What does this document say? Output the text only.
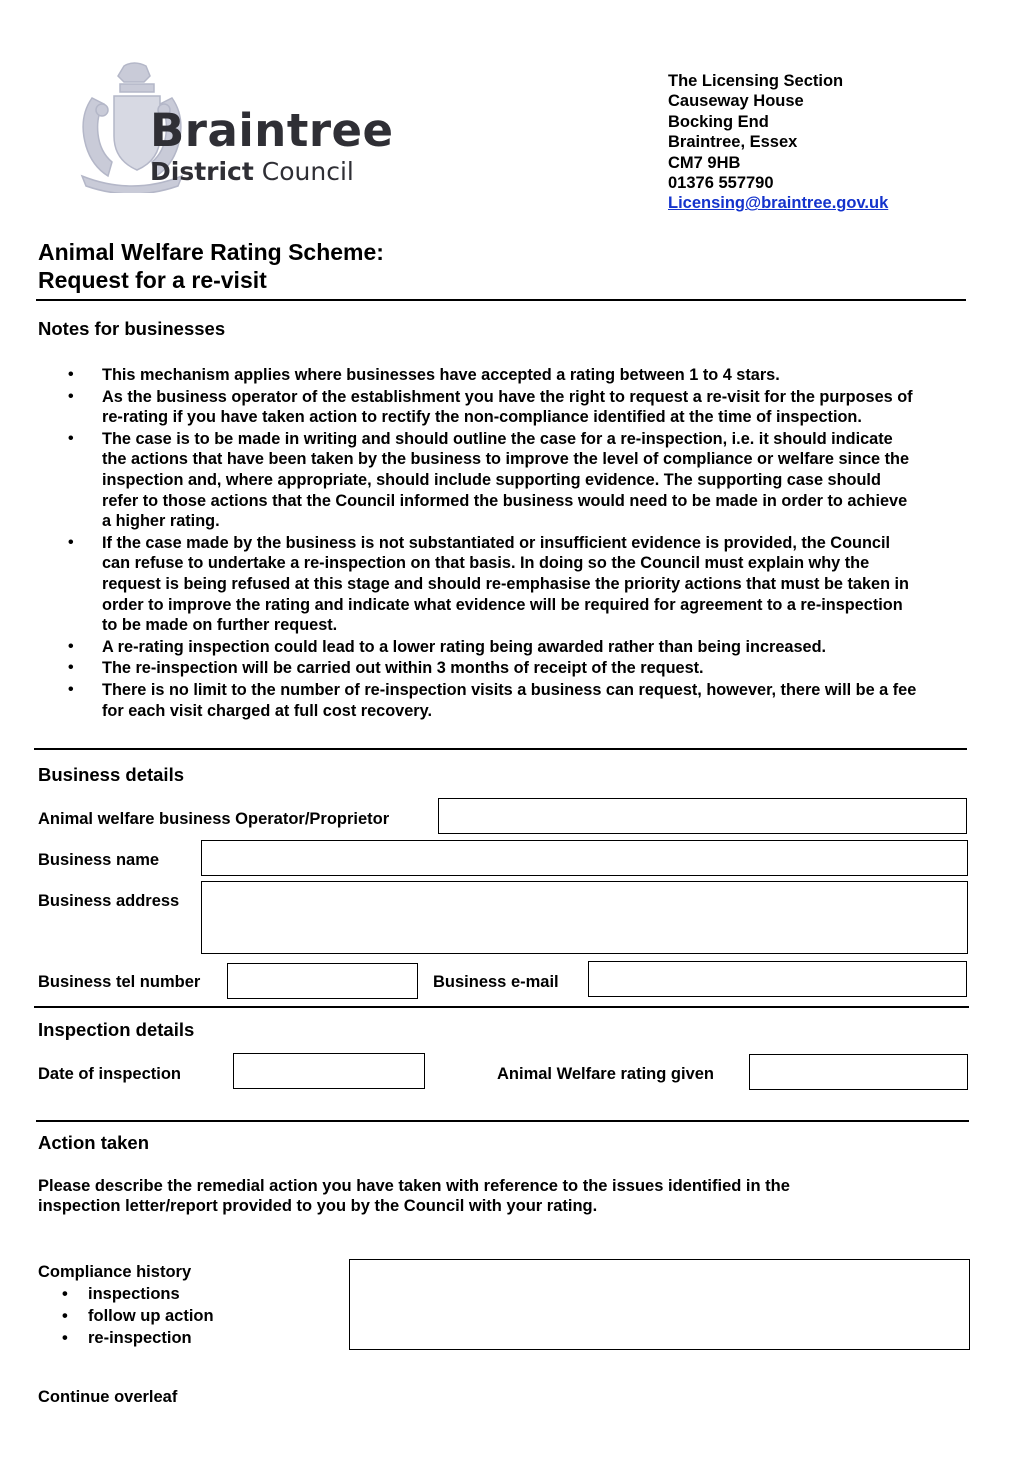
Braintree
District Council
The Licensing Section
Causeway House
Bocking End
Braintree, Essex
CM7 9HB
01376 557790
Licensing@braintree.gov.uk
Animal Welfare Rating Scheme:
Request for a re-visit
Notes for businesses
• This mechanism applies where businesses have accepted a rating between 1 to 4 stars.
• As the business operator of the establishment you have the right to request a re-visit for the purposes of re-rating if you have taken action to rectify the non-compliance identified at the time of inspection.
• The case is to be made in writing and should outline the case for a re-inspection, i.e. it should indicate the actions that have been taken by the business to improve the level of compliance or welfare since the inspection and, where appropriate, should include supporting evidence. The supporting case should refer to those actions that the Council informed the business would need to be made in order to achieve a higher rating.
• If the case made by the business is not substantiated or insufficient evidence is provided, the Council can refuse to undertake a re-inspection on that basis. In doing so the Council must explain why the request is being refused at this stage and should re-emphasise the priority actions that must be taken in order to improve the rating and indicate what evidence will be required for agreement to a re-inspection to be made on further request.
• A re-rating inspection could lead to a lower rating being awarded rather than being increased.
• The re-inspection will be carried out within 3 months of receipt of the request.
• There is no limit to the number of re-inspection visits a business can request, however, there will be a fee for each visit charged at full cost recovery.
Business details
Animal welfare business Operator/Proprietor
Business name
Business address
Business tel number	Business e-mail
Inspection details
Date of inspection	Animal Welfare rating given
Action taken
Please describe the remedial action you have taken with reference to the issues identified in the
inspection letter/report provided to you by the Council with your rating.
Compliance history
• inspections
• follow up action
• re-inspection
Continue overleaf
